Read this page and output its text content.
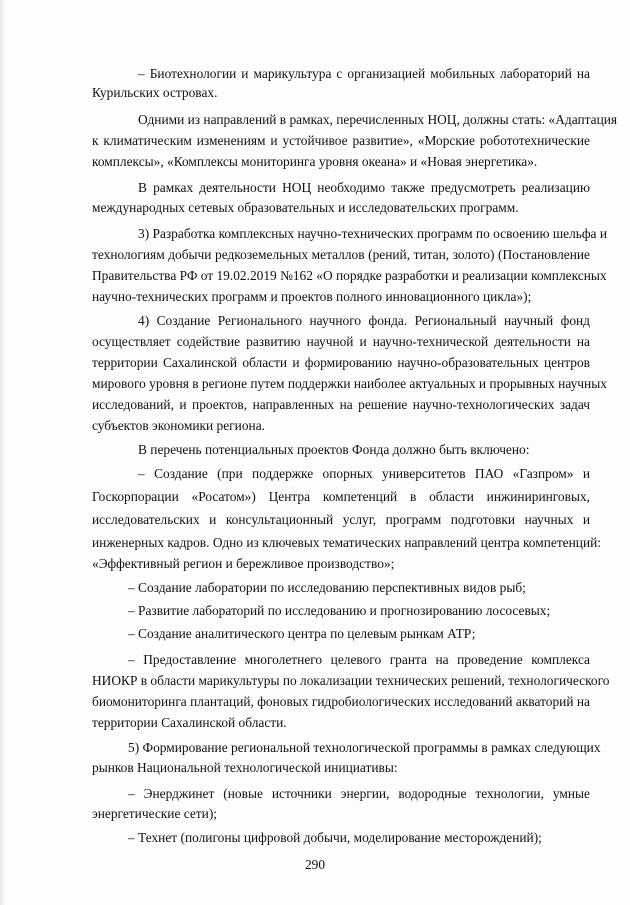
– Биотехнологии и марикультура с организацией мобильных лабораторий на
Курильских островах.
Одними из направлений в рамках, перечисленных НОЦ, должны стать: «Адаптация
к климатическим изменениям и устойчивое развитие», «Морские робототехнические
комплексы», «Комплексы мониторинга уровня океана» и «Новая энергетика».
В рамках деятельности НОЦ необходимо также предусмотреть реализацию
международных сетевых образовательных и исследовательских программ.
3) Разработка комплексных научно-технических программ по освоению шельфа и
технологиям добычи редкоземельных металлов (рений, титан, золото) (Постановление
Правительства РФ от 19.02.2019 №162 «О порядке разработки и реализации комплексных
научно-технических программ и проектов полного инновационного цикла»);
4) Создание Регионального научного фонда. Региональный научный фонд
осуществляет содействие развитию научной и научно-технической деятельности на
территории Сахалинской области и формированию научно-образовательных центров
мирового уровня в регионе путем поддержки наиболее актуальных и прорывных научных
исследований, и проектов, направленных на решение научно-технологических задач
субъектов экономики региона.
В перечень потенциальных проектов Фонда должно быть включено:
– Создание (при поддержке опорных университетов ПАО «Газпром» и
Госкорпорации «Росатом») Центра компетенций в области инжиниринговых,
исследовательских и консультационный услуг, программ подготовки научных и
инженерных кадров. Одно из ключевых тематических направлений центра компетенций:
«Эффективный регион и бережливое производство»;
– Создание лаборатории по исследованию перспективных видов рыб;
– Развитие лабораторий по исследованию и прогнозированию лососевых;
– Создание аналитического центра по целевым рынкам АТР;
– Предоставление многолетнего целевого гранта на проведение комплекса
НИОКР в области марикультуры по локализации технических решений, технологического
биомониторинга плантаций, фоновых гидробиологических исследований акваторий на
территории Сахалинской области.
5) Формирование региональной технологической программы в рамках следующих
рынков Национальной технологической инициативы:
– Энерджинет (новые источники энергии, водородные технологии, умные
энергетические сети);
– Технет (полигоны цифровой добычи, моделирование месторождений);
290
